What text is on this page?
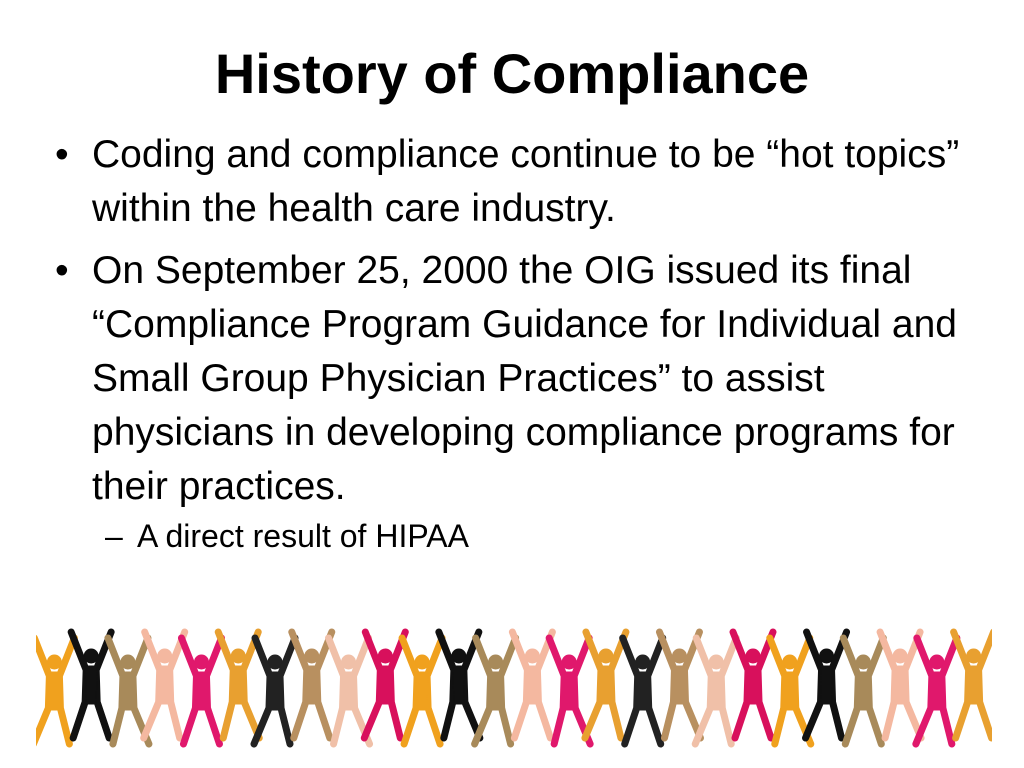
History of Compliance
• Coding and compliance continue to be “hot topics” within the health care industry.
• On September 25, 2000 the OIG issued its final “Compliance Program Guidance for Individual and Small Group Physician Practices” to assist physicians in developing compliance programs for their practices.
– A direct result of HIPAA
